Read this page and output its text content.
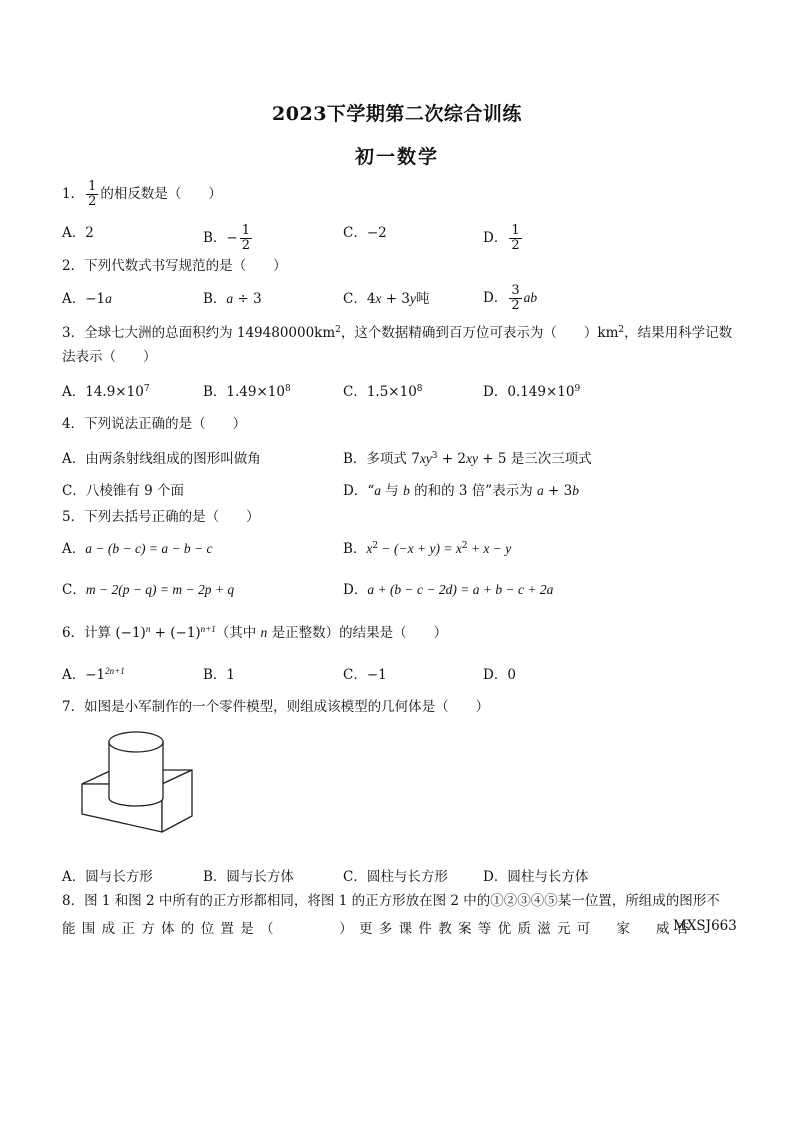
2023下学期第二次综合训练
初一数学
1． $\frac{1}{2}$ 的相反数是（　　）
A．2	B．− $\frac{1}{2}$	C．−2	D． $\frac{1}{2}$
2．下列代数式书写规范的是（　　）
A．−1a	B．a ÷ 3	C．4x + 3y吨	D． $\frac{3}{2}$ ab
3．全球七大洲的总面积约为 $149480000km^2$，这个数据精确到百万位可表示为（　　）$km^2$，结果用科学记数
法表示（　　）
A．$14.9\times 10^7$	B．$1.49\times 10^8$	C．$1.5\times 10^8$	D．$0.149\times 10^9$
4．下列说法正确的是（　　）
A．由两条射线组成的图形叫做角	B．多项式 $7xy^3 + 2xy + 5$ 是三次三项式
C．八棱锥有 9 个面	D．“a 与 b 的和的 3 倍”表示为 a + 3b
5．下列去括号正确的是（　　）
A．a − (b − c) = a − b − c	B．$x^2 - (-x + y) = x^2 + x - y$
C．m − 2(p − q) = m − 2p + q	D．a + (b − c − 2d) = a + b − c + 2a
6．计算 $(-1)^n + (-1)^{n+1}$（其中 n 是正整数）的结果是（　　）
A．$-1^{2n+1}$	B．1	C．−1	D．0
7．如图是小军制作的一个零件模型，则组成该模型的几何体是（　　）
A．圆与长方形	B．圆与长方体	C．圆柱与长方形	D．圆柱与长方体
8．图 1 和图 2 中所有的正方形都相同，将图 1 的正方形放在图 2 中的①②③④⑤某一位置，所组成的图形不
能围成正方体的位置是（　　　）更多课件教案等优质滋元可　家　威杏
MXSJ663
